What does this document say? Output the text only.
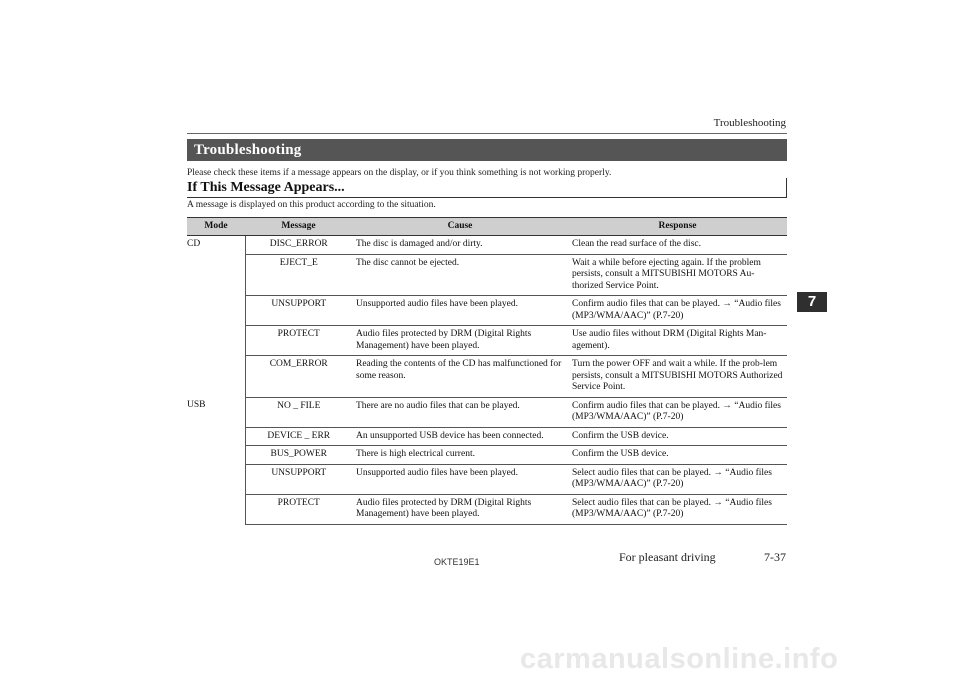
Troubleshooting
7
Troubleshooting
Please check these items if a message appears on the display, or if you think something is not working properly.
If This Message Appears...
A message is displayed on this product according to the situation.
Mode	Message	Cause	Response
CD	DISC_ERROR	The disc is damaged and/or dirty.	Clean the read surface of the disc.
	EJECT_E	The disc cannot be ejected.	Wait a while before ejecting again. If the problem persists, consult a MITSUBISHI MOTORS Au-thorized Service Point.
	UNSUPPORT	Unsupported audio files have been played.	Confirm audio files that can be played. → “Audio files (MP3/WMA/AAC)” (P.7-20)
	PROTECT	Audio files protected by DRM (Digital Rights Management) have been played.	Use audio files without DRM (Digital Rights Man-agement).
	COM_ERROR	Reading the contents of the CD has malfunctioned for some reason.	Turn the power OFF and wait a while. If the prob-lem persists, consult a MITSUBISHI MOTORS Authorized Service Point.
USB	NO _ FILE	There are no audio files that can be played.	Confirm audio files that can be played. → “Audio files (MP3/WMA/AAC)” (P.7-20)
	DEVICE _ ERR	An unsupported USB device has been connected.	Confirm the USB device.
	BUS_POWER	There is high electrical current.	Confirm the USB device.
	UNSUPPORT	Unsupported audio files have been played.	Select audio files that can be played. → “Audio files (MP3/WMA/AAC)” (P.7-20)
	PROTECT	Audio files protected by DRM (Digital Rights Management) have been played.	Select audio files that can be played. → “Audio files (MP3/WMA/AAC)” (P.7-20)
OKTE19E1	For pleasant driving	7-37
carmanualsonline.info
